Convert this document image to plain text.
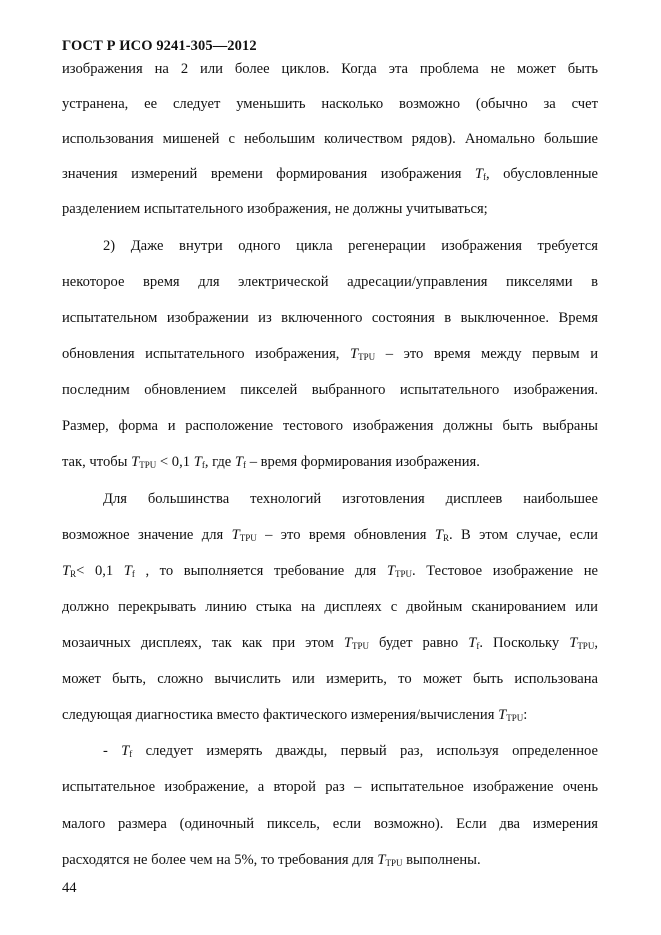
ГОСТ Р ИСО 9241-305—2012
изображения на 2 или более циклов. Когда эта проблема не может быть
устранена, ее следует уменьшить насколько возможно (обычно за счет
использования мишеней с небольшим количеством рядов). Аномально большие
значения измерений времени формирования изображения $T_f$, обусловленные
разделением испытательного изображения, не должны учитываться;
2) Даже внутри одного цикла регенерации изображения требуется
некоторое время для электрической адресации/управления пикселями в
испытательном изображении из включенного состояния в выключенное. Время
обновления испытательного изображения, $T_{TPU}$ – это время между первым и
последним обновлением пикселей выбранного испытательного изображения.
Размер, форма и расположение тестового изображения должны быть выбраны
так, чтобы $T_{TPU} < 0,1$ $T_f$, где $T_f$ – время формирования изображения.
Для большинства технологий изготовления дисплеев наибольшее
возможное значение для $T_{TPU}$ – это время обновления $T_R$. В этом случае, если
$T_R< 0,1$ $T_f$ , то выполняется требование для $T_{TPU}$. Тестовое изображение не
должно перекрывать линию стыка на дисплеях с двойным сканированием или
мозаичных дисплеях, так как при этом $T_{TPU}$ будет равно $T_f$. Поскольку $T_{TPU}$,
может быть, сложно вычислить или измерить, то может быть использована
следующая диагностика вместо фактического измерения/вычисления $T_{TPU}$:
- $T_f$ следует измерять дважды, первый раз, используя определенное
испытательное изображение, а второй раз – испытательное изображение очень
малого размера (одиночный пиксель, если возможно). Если два измерения
расходятся не более чем на 5%, то требования для $T_{TPU}$ выполнены.
44
